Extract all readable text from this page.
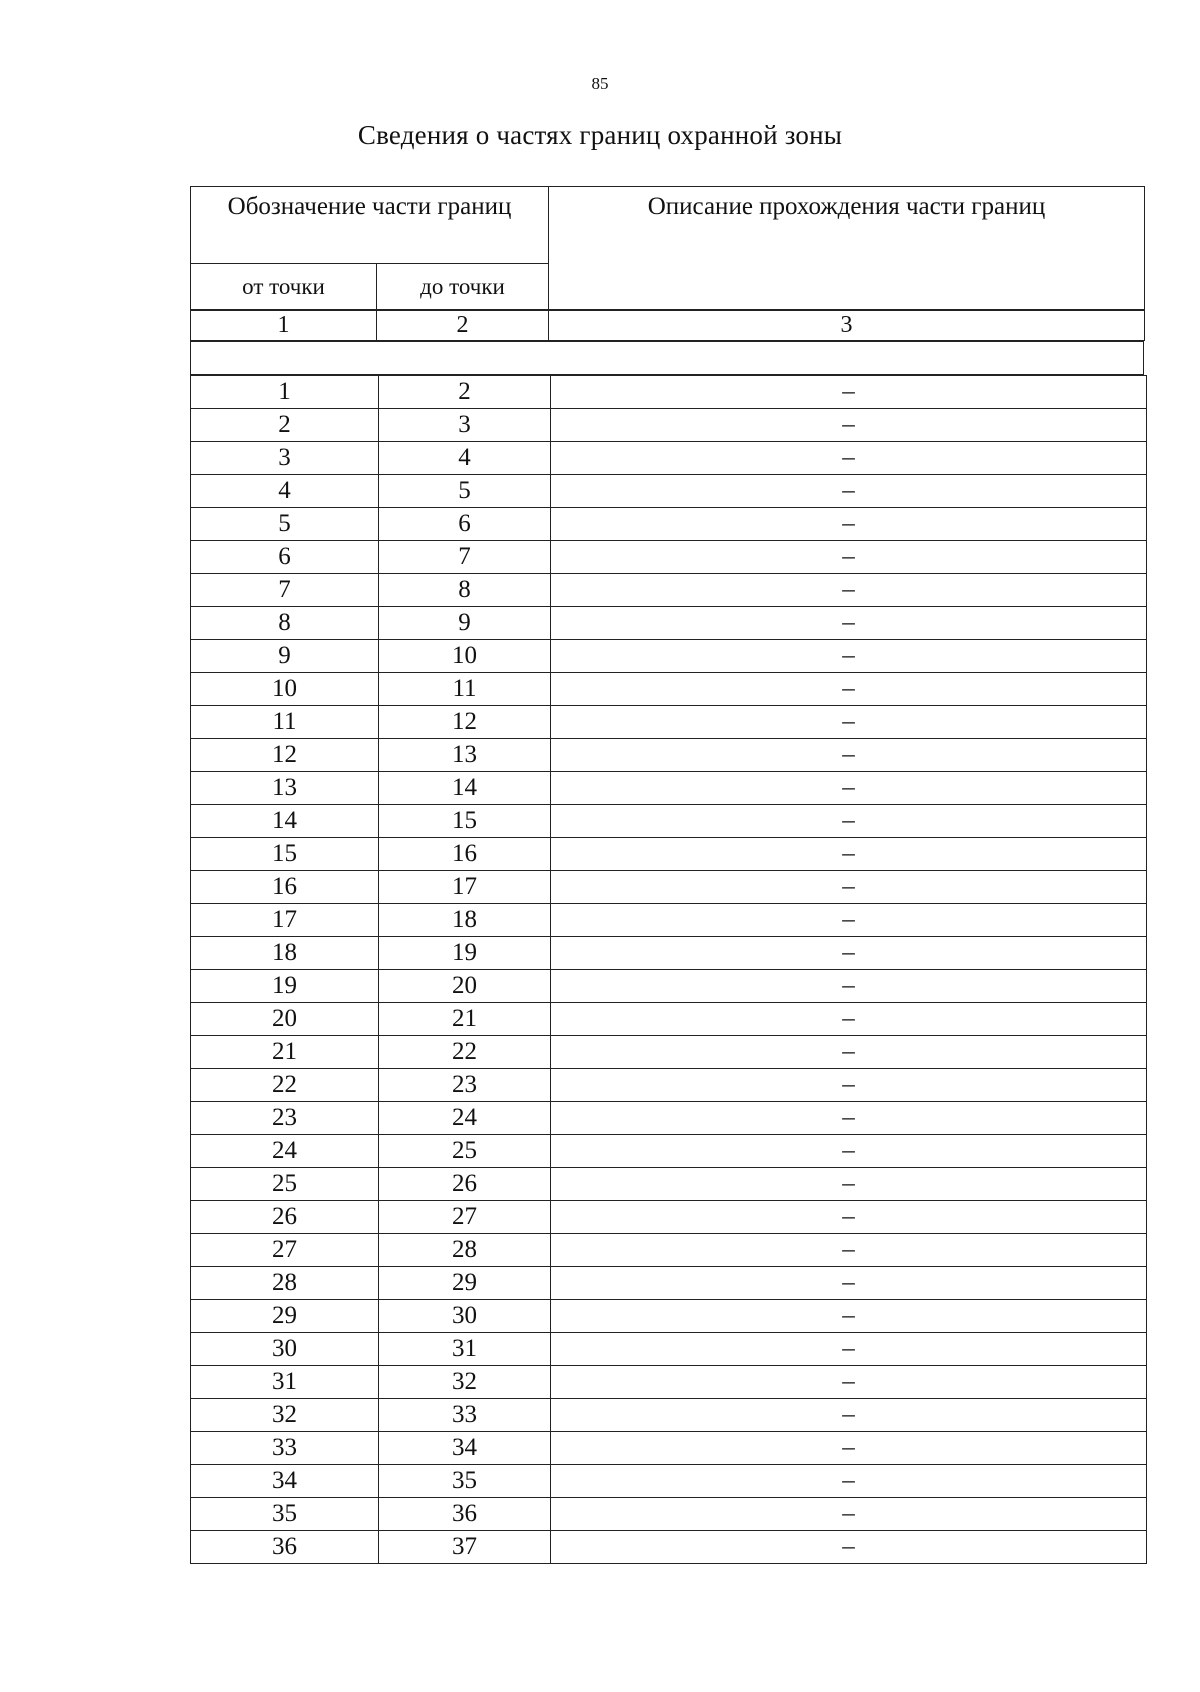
85
Сведения о частях границ охранной зоны
Обозначение части границ		Описание прохождения части границ
от точки	до точки	
1	2	3
1	2	–
2	3	–
3	4	–
4	5	–
5	6	–
6	7	–
7	8	–
8	9	–
9	10	–
10	11	–
11	12	–
12	13	–
13	14	–
14	15	–
15	16	–
16	17	–
17	18	–
18	19	–
19	20	–
20	21	–
21	22	–
22	23	–
23	24	–
24	25	–
25	26	–
26	27	–
27	28	–
28	29	–
29	30	–
30	31	–
31	32	–
32	33	–
33	34	–
34	35	–
35	36	–
36	37	–
